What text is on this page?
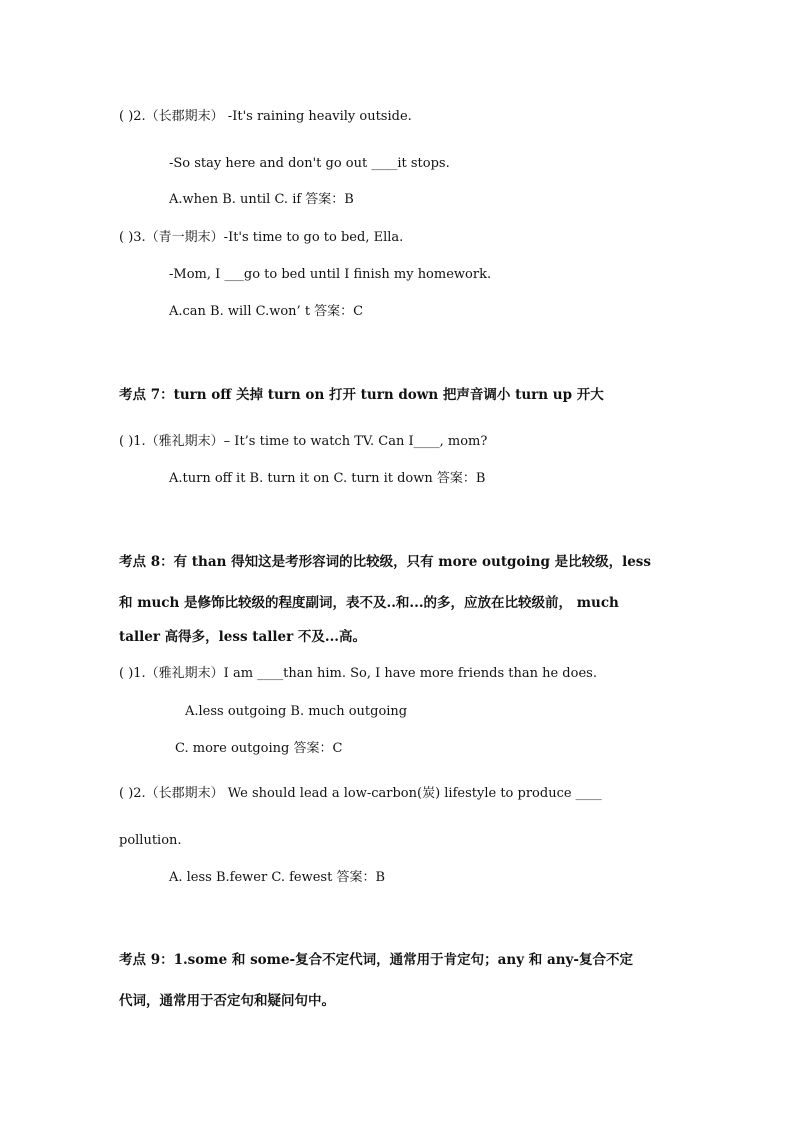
( )2.（长郡期末） -It's raining heavily outside.
-So stay here and don't go out ____it stops.
A.when B. until C. if 答案：B
( )3.（青一期末）-It's time to go to bed, Ella.
-Mom, I ___go to bed until I finish my homework.
A.can B. will C.won’ t 答案：C
考点 7：turn off 关掉 turn on 打开 turn down 把声音调小 turn up 开大
( )1.（雅礼期末）– It’s time to watch TV. Can I____, mom?
A.turn off it B. turn it on C. turn it down 答案：B
考点 8：有 than 得知这是考形容词的比较级，只有 more outgoing 是比较级，less
和 much 是修饰比较级的程度副词，表不及..和...的多，应放在比较级前， much
taller 高得多，less taller 不及...高。
( )1.（雅礼期末）I am ____than him. So, I have more friends than he does.
A.less outgoing B. much outgoing
C. more outgoing 答案：C
( )2.（长郡期末） We should lead a low-carbon(炭) lifestyle to produce ____
pollution.
A. less B.fewer C. fewest 答案：B
考点 9：1.some 和 some-复合不定代词，通常用于肯定句；any 和 any-复合不定
代词，通常用于否定句和疑问句中。
